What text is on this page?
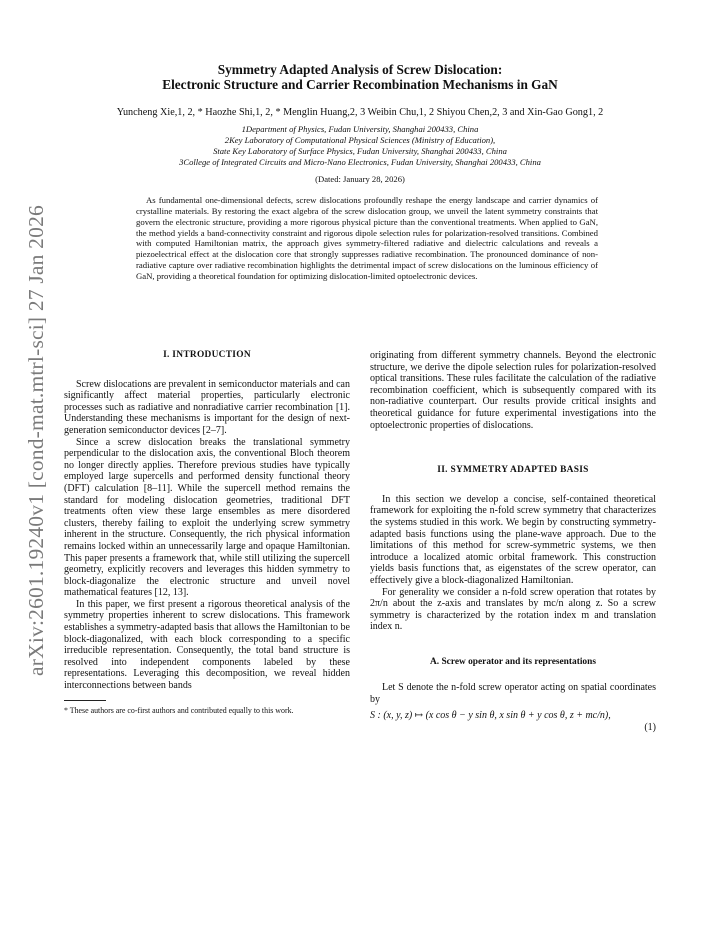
arXiv:2601.19240v1 [cond-mat.mtrl-sci] 27 Jan 2026
Symmetry Adapted Analysis of Screw Dislocation:
Electronic Structure and Carrier Recombination Mechanisms in GaN
Yuncheng Xie,1, 2, * Haozhe Shi,1, 2, * Menglin Huang,2, 3 Weibin Chu,1, 2 Shiyou Chen,2, 3 and Xin-Gao Gong1, 2
1Department of Physics, Fudan University, Shanghai 200433, China
2Key Laboratory of Computational Physical Sciences (Ministry of Education),
State Key Laboratory of Surface Physics, Fudan University, Shanghai 200433, China
3College of Integrated Circuits and Micro-Nano Electronics, Fudan University, Shanghai 200433, China
(Dated: January 28, 2026)
As fundamental one-dimensional defects, screw dislocations profoundly reshape the energy landscape and carrier dynamics of crystalline materials. By restoring the exact algebra of the screw dislocation group, we unveil the latent symmetry constraints that govern the electronic structure, providing a more rigorous physical picture than the conventional treatments. When applied to GaN, the method yields a band-connectivity constraint and rigorous dipole selection rules for polarization-resolved transitions. Combined with computed Hamiltonian matrix, the approach gives symmetry-filtered radiative and dielectric calculations and reveals a piezoelectrical effect at the dislocation core that strongly suppresses radiative recombination. The pronounced dominance of non-radiative capture over radiative recombination highlights the detrimental impact of screw dislocations on the luminous efficiency of GaN, providing a theoretical foundation for optimizing dislocation-limited optoelectronic devices.
I. INTRODUCTION

Screw dislocations are prevalent in semiconductor materials and can significantly affect material properties, particularly electronic processes such as radiative and nonradiative carrier recombination [1]. Understanding these mechanisms is important for the design of next-generation semiconductor devices [2–7].

Since a screw dislocation breaks the translational symmetry perpendicular to the dislocation axis, the conventional Bloch theorem no longer directly applies. Therefore previous studies have typically employed large supercells and performed density functional theory (DFT) calculation [8–11]. While the supercell method remains the standard for modeling dislocation geometries, traditional DFT treatments often view these large ensembles as mere disordered clusters, thereby failing to exploit the underlying screw symmetry inherent in the structure. Consequently, the rich physical information remains locked within an unnecessarily large and opaque Hamiltonian. This paper presents a framework that, while still utilizing the supercell geometry, explicitly recovers and leverages this hidden symmetry to block-diagonalize the electronic structure and unveil novel mathematical features [12, 13].

In this paper, we first present a rigorous theoretical analysis of the symmetry properties inherent to screw dislocations. This framework establishes a symmetry-adapted basis that allows the Hamiltonian to be block-diagonalized, with each block corresponding to a specific irreducible representation. Consequently, the total band structure is resolved into independent components labeled by these representations. Leveraging this decomposition, we reveal hidden interconnections between bands

* These authors are co-first authors and contributed equally to this work.

originating from different symmetry channels. Beyond the electronic structure, we derive the dipole selection rules for polarization-resolved optical transitions. These rules facilitate the calculation of the radiative recombination coefficient, which is subsequently compared with its non-radiative counterpart. Our results provide critical insights and theoretical guidance for future experimental investigations into the optoelectronic properties of dislocations.

II. SYMMETRY ADAPTED BASIS

In this section we develop a concise, self-contained theoretical framework for exploiting the n-fold screw symmetry that characterizes the systems studied in this work. We begin by constructing symmetry-adapted basis functions using the plane-wave approach. Due to the limitations of this method for screw-symmetric systems, we then introduce a localized atomic orbital framework. This construction yields basis functions that, as eigenstates of the screw operator, can effectively give a block-diagonalized Hamiltonian.

For generality we consider a n-fold screw operation that rotates by 2π/n about the z-axis and translates by mc/n along z. So a screw symmetry is characterized by the rotation index m and translation index n.

A. Screw operator and its representations

Let S denote the n-fold screw operator acting on spatial coordinates by

S : (x, y, z) ↦ (x cos θ − y sin θ, x sin θ + y cos θ, z + mc/n),
(1)
